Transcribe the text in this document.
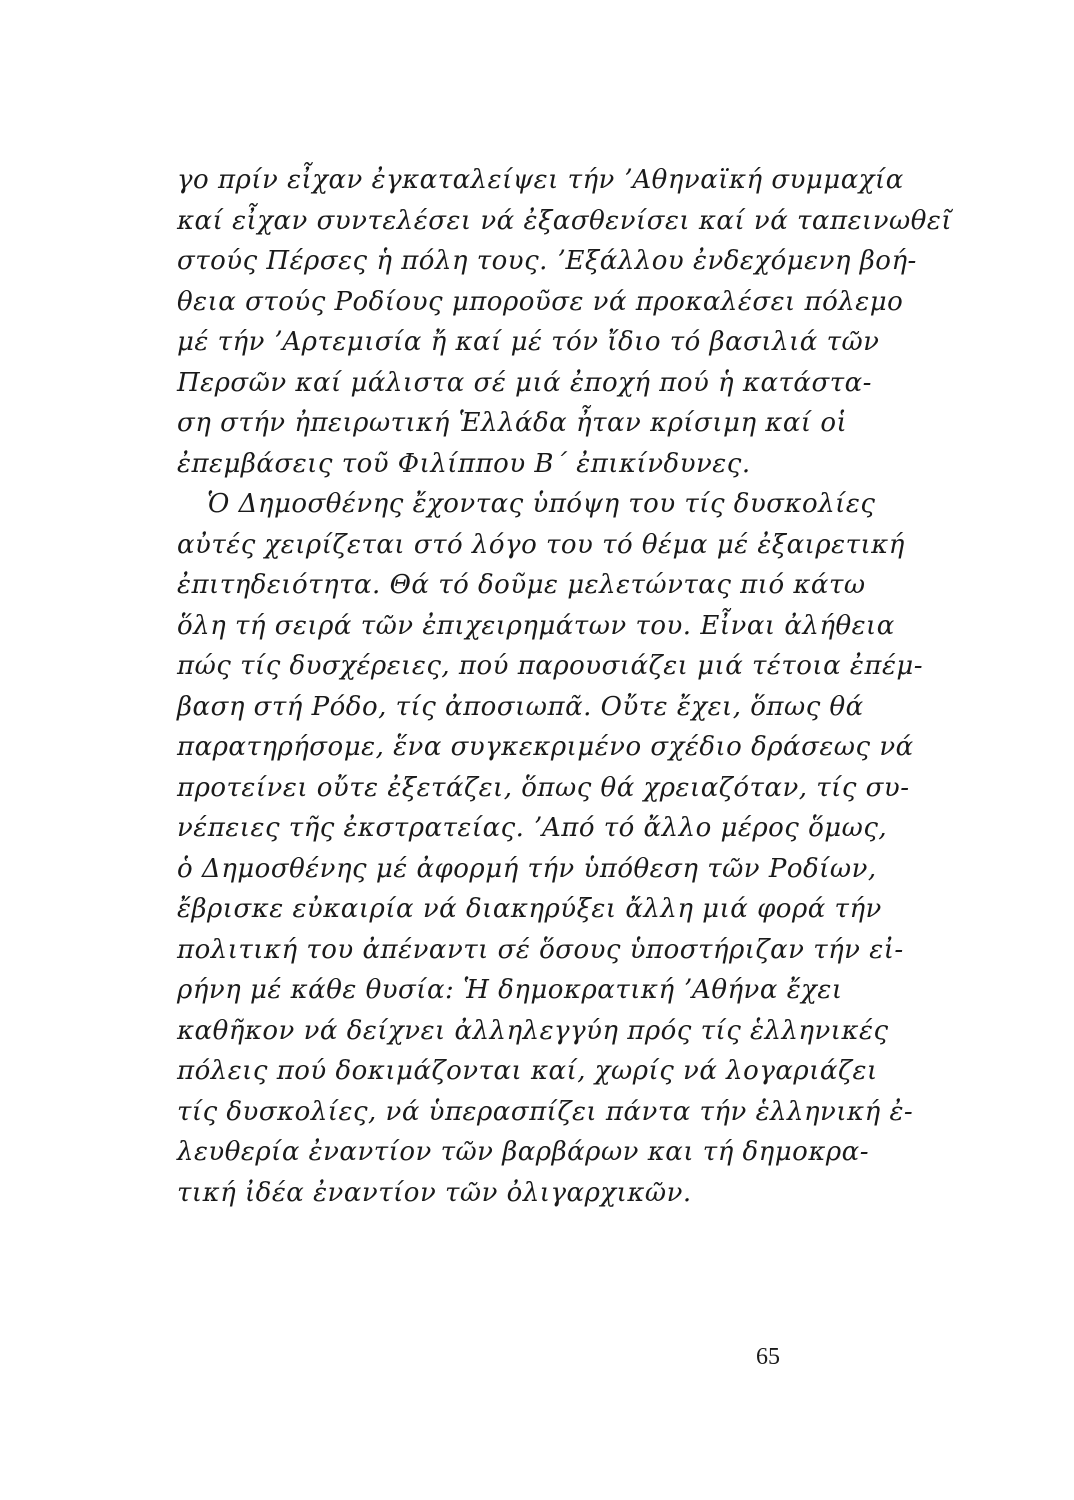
γο πρίν εἶχαν ἐγκαταλείψει τήν ʼΑθηναϊκή συμμαχία
καί εἶχαν συντελέσει νά ἐξασθενίσει καί νά ταπεινωθεῖ
στούς Πέρσες ἡ πόλη τους. ʼΕξάλλου ἐνδεχόμενη βοή-
θεια στούς Ροδίους μποροῦσε νά προκαλέσει πόλεμο
μέ τήν ʼΑρτεμισία ἤ καί μέ τόν ἴδιο τό βασιλιά τῶν
Περσῶν καί μάλιστα σέ μιά ἐποχή πού ἡ κατάστα-
ση στήν ἠπειρωτική Ἑλλάδα ἦταν κρίσιμη καί οἱ
ἐπεμβάσεις τοῦ Φιλίππου Β΄ ἐπικίνδυνες.
Ὁ Δημοσθένης ἔχοντας ὑπόψη του τίς δυσκολίες
αὐτές χειρίζεται στό λόγο του τό θέμα μέ ἐξαιρετική
ἐπιτηδειότητα. Θά τό δοῦμε μελετώντας πιό κάτω
ὅλη τή σειρά τῶν ἐπιχειρημάτων του. Εἶναι ἀλήθεια
πώς τίς δυσχέρειες, πού παρουσιάζει μιά τέτοια ἐπέμ-
βαση στή Ρόδο, τίς ἀποσιωπᾶ. Οὔτε ἔχει, ὅπως θά
παρατηρήσομε, ἕνα συγκεκριμένο σχέδιο δράσεως νά
προτείνει οὔτε ἐξετάζει, ὅπως θά χρειαζόταν, τίς συ-
νέπειες τῆς ἐκστρατείας. ʼΑπό τό ἄλλο μέρος ὅμως,
ὁ Δημοσθένης μέ ἀφορμή τήν ὑπόθεση τῶν Ροδίων,
ἔβρισκε εὐκαιρία νά διακηρύξει ἄλλη μιά φορά τήν
πολιτική του ἀπέναντι σέ ὅσους ὑποστήριζαν τήν εἰ-
ρήνη μέ κάθε θυσία: Ἡ δημοκρατική ʼΑθήνα ἔχει
καθῆκον νά δείχνει ἀλληλεγγύη πρός τίς ἑλληνικές
πόλεις πού δοκιμάζονται καί, χωρίς νά λογαριάζει
τίς δυσκολίες, νά ὑπερασπίζει πάντα τήν ἑλληνική ἐ-
λευθερία ἐναντίον τῶν βαρβάρων και τή δημοκρα-
τική ἰδέα ἐναντίον τῶν ὀλιγαρχικῶν.
65
